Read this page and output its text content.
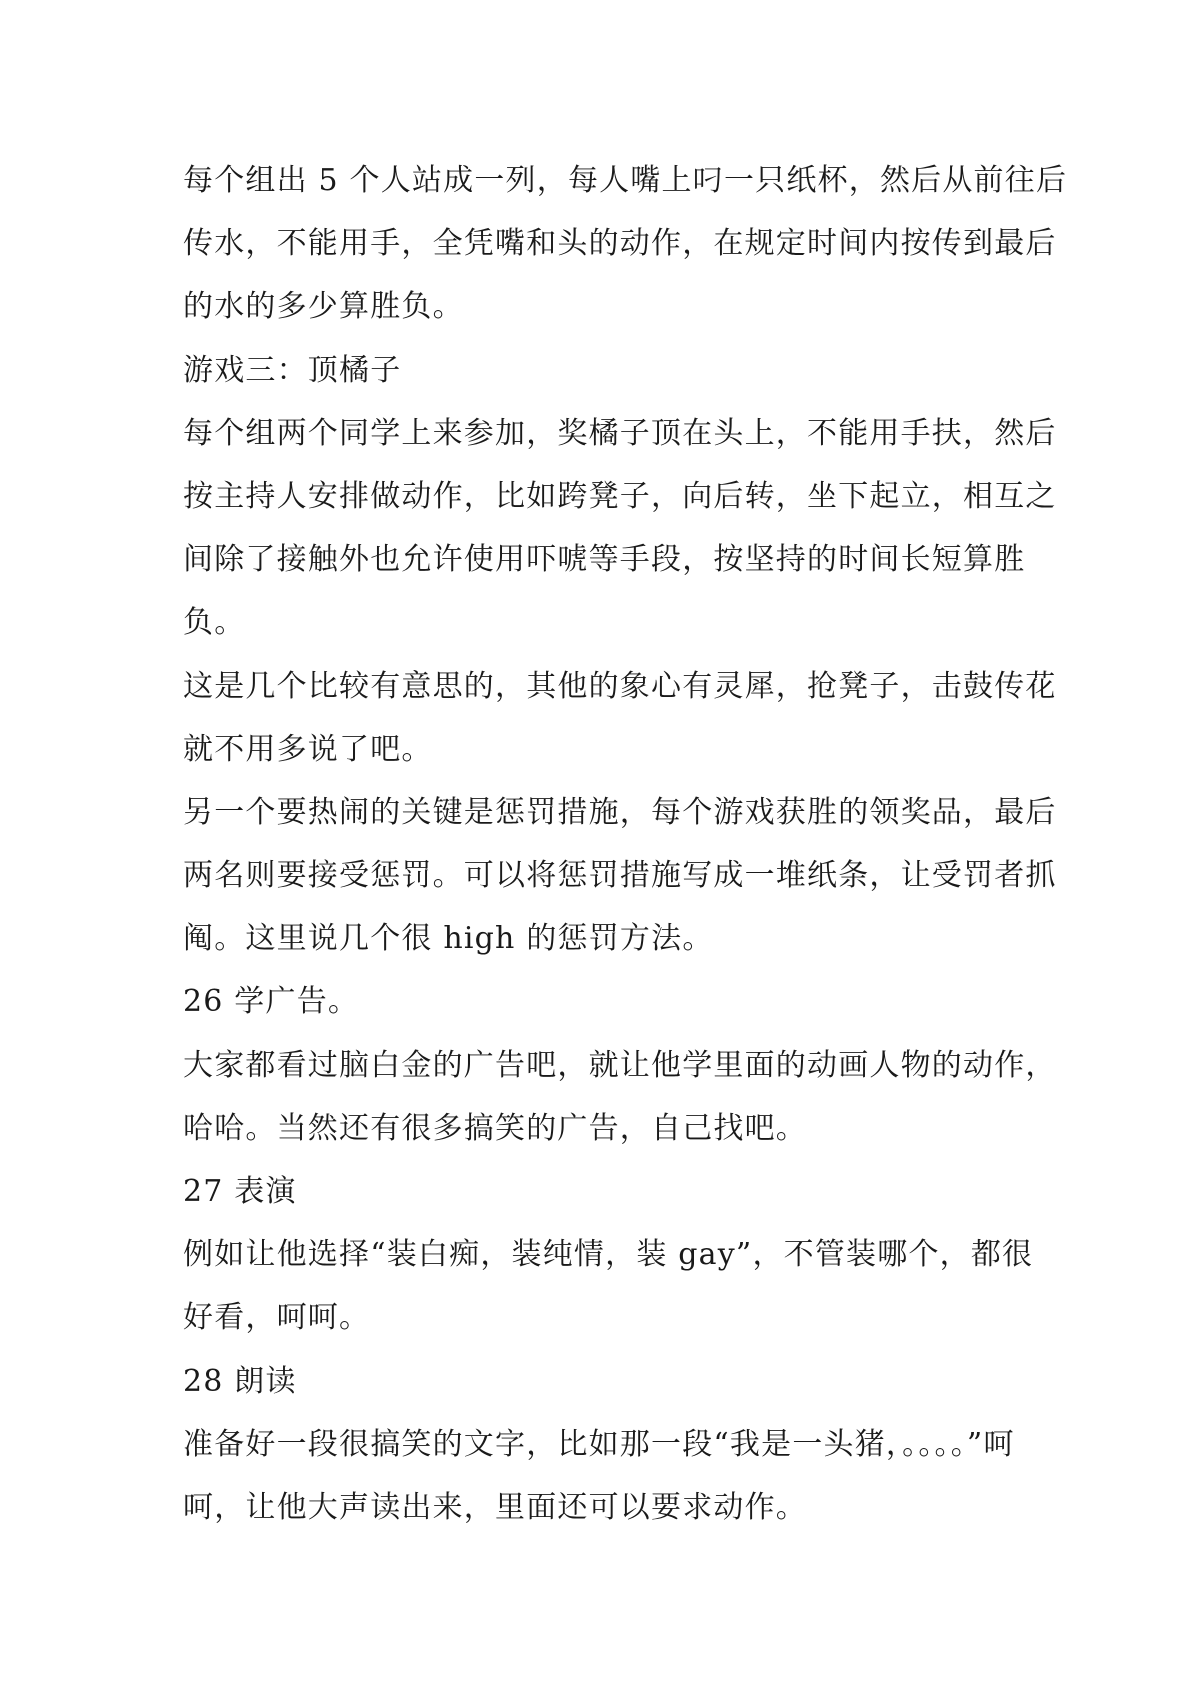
每个组出 5 个人站成一列，每人嘴上叼一只纸杯，然后从前往后
传水，不能用手，全凭嘴和头的动作，在规定时间内按传到最后
的水的多少算胜负。
游戏三：顶橘子
每个组两个同学上来参加，奖橘子顶在头上，不能用手扶，然后
按主持人安排做动作，比如跨凳子，向后转，坐下起立，相互之
间除了接触外也允许使用吓唬等手段，按坚持的时间长短算胜
负。
这是几个比较有意思的，其他的象心有灵犀，抢凳子，击鼓传花
就不用多说了吧。
另一个要热闹的关键是惩罚措施，每个游戏获胜的领奖品，最后
两名则要接受惩罚。可以将惩罚措施写成一堆纸条，让受罚者抓
阄。这里说几个很 high 的惩罚方法。
26 学广告。
大家都看过脑白金的广告吧，就让他学里面的动画人物的动作，
哈哈。当然还有很多搞笑的广告，自己找吧。
27 表演
例如让他选择“装白痴，装纯情，装 gay”，不管装哪个，都很
好看，呵呵。
28 朗读
准备好一段很搞笑的文字，比如那一段“我是一头猪，。。。。”呵
呵，让他大声读出来，里面还可以要求动作。
